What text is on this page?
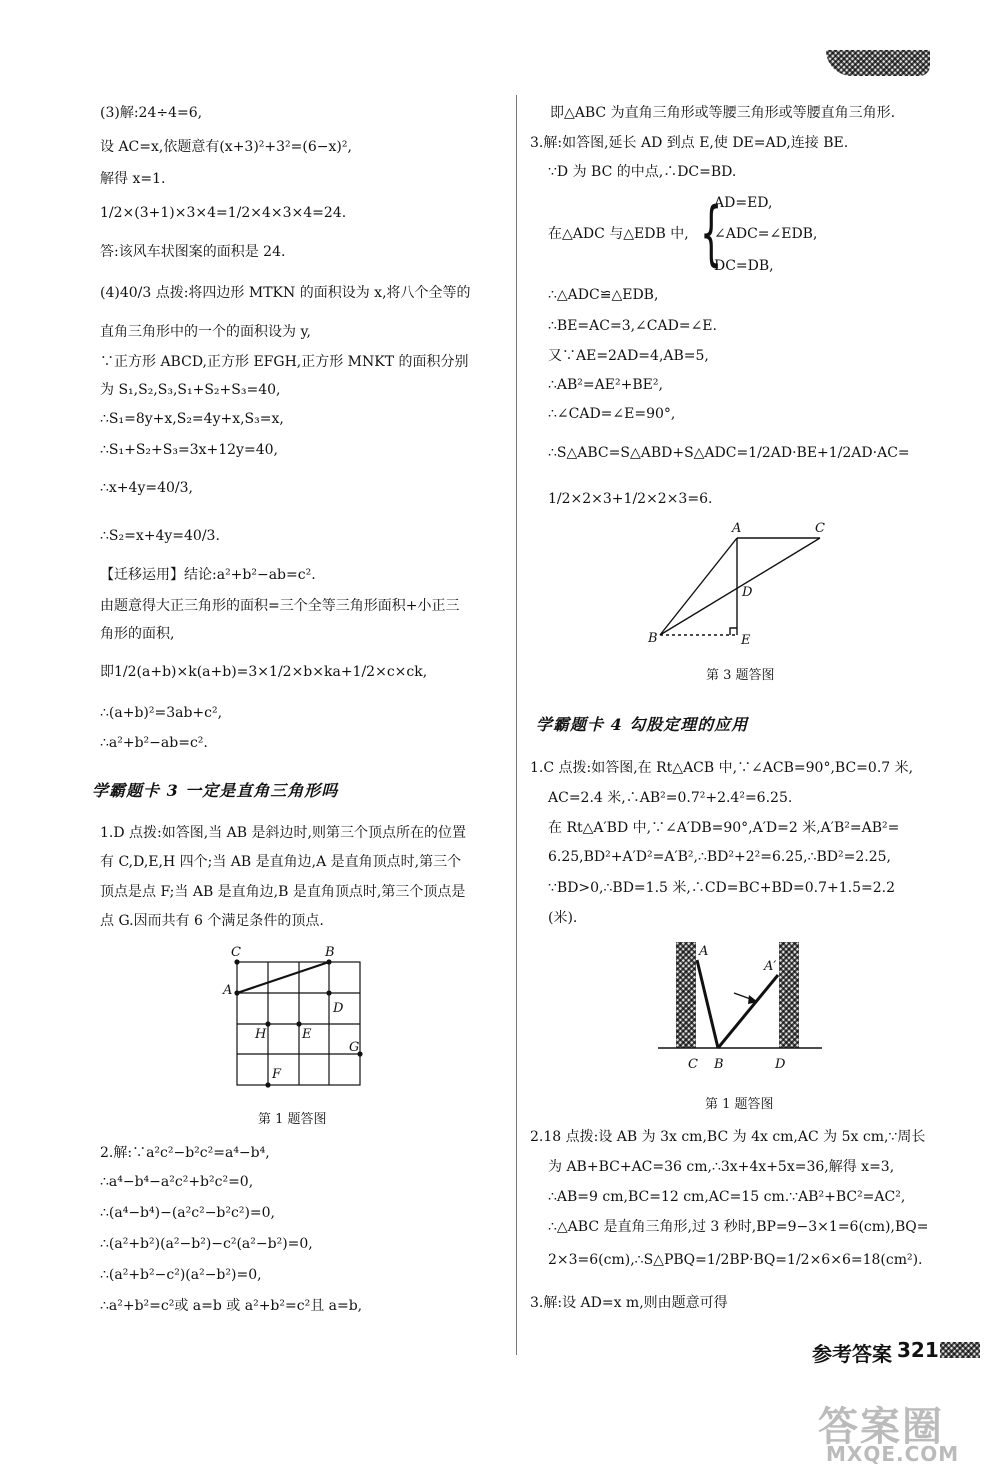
(3)解:24÷4=6,
设 AC=x,依题意有(x+3)²+3²=(6−x)²,
解得 x=1.
1/2×(3+1)×3×4=1/2×4×3×4=24.
答:该风车状图案的面积是 24.
(4)40/3 点拨:将四边形 MTKN 的面积设为 x,将八个全等的
直角三角形中的一个的面积设为 y,
∵正方形 ABCD,正方形 EFGH,正方形 MNKT 的面积分别
为 S₁,S₂,S₃,S₁+S₂+S₃=40,
∴S₁=8y+x,S₂=4y+x,S₃=x,
∴S₁+S₂+S₃=3x+12y=40,
∴x+4y=40/3,
∴S₂=x+4y=40/3.
【迁移运用】结论:a²+b²−ab=c².
由题意得大正三角形的面积=三个全等三角形面积+小正三
角形的面积,
即1/2(a+b)×k(a+b)=3×1/2×b×ka+1/2×c×ck,
∴(a+b)²=3ab+c²,
∴a²+b²−ab=c².
学霸题卡 3 一定是直角三角形吗
1.D 点拨:如答图,当 AB 是斜边时,则第三个顶点所在的位置
有 C,D,E,H 四个;当 AB 是直角边,A 是直角顶点时,第三个
顶点是点 F;当 AB 是直角边,B 是直角顶点时,第三个顶点是
点 G.因而共有 6 个满足条件的顶点.
C	B
A
D
H	E
G
F
第 1 题答图
2.解:∵a²c²−b²c²=a⁴−b⁴,
∴a⁴−b⁴−a²c²+b²c²=0,
∴(a⁴−b⁴)−(a²c²−b²c²)=0,
∴(a²+b²)(a²−b²)−c²(a²−b²)=0,
∴(a²+b²−c²)(a²−b²)=0,
∴a²+b²=c²或 a=b 或 a²+b²=c²且 a=b,
即△ABC 为直角三角形或等腰三角形或等腰直角三角形.
3.解:如答图,延长 AD 到点 E,使 DE=AD,连接 BE.
∵D 为 BC 的中点,∴DC=BD.
AD=ED,
在△ADC 与△EDB 中, {
∠ADC=∠EDB,
DC=DB,
∴△ADC≌△EDB,
∴BE=AC=3,∠CAD=∠E.
又∵AE=2AD=4,AB=5,
∴AB²=AE²+BE²,
∴∠CAD=∠E=90°,
∴S△ABC=S△ABD+S△ADC=1/2AD·BE+1/2AD·AC=
1/2×2×3+1/2×2×3=6.
A	C
D
B	E
第 3 题答图
学霸题卡 4 勾股定理的应用
1.C 点拨:如答图,在 Rt△ACB 中,∵∠ACB=90°,BC=0.7 米,
AC=2.4 米,∴AB²=0.7²+2.4²=6.25.
在 Rt△A′BD 中,∵∠A′DB=90°,A′D=2 米,A′B²=AB²=
6.25,BD²+A′D²=A′B²,∴BD²+2²=6.25,∴BD²=2.25,
∵BD>0,∴BD=1.5 米,∴CD=BC+BD=0.7+1.5=2.2
(米).
A
A′
C B	D
第 1 题答图
2.18 点拨:设 AB 为 3x cm,BC 为 4x cm,AC 为 5x cm,∵周长
为 AB+BC+AC=36 cm,∴3x+4x+5x=36,解得 x=3,
∴AB=9 cm,BC=12 cm,AC=15 cm.∵AB²+BC²=AC²,
∴△ABC 是直角三角形,过 3 秒时,BP=9−3×1=6(cm),BQ=
2×3=6(cm),∴S△PBQ=1/2BP·BQ=1/2×6×6=18(cm²).
3.解:设 AD=x m,则由题意可得
参考答案 321
答案圈
MXQE.COM
